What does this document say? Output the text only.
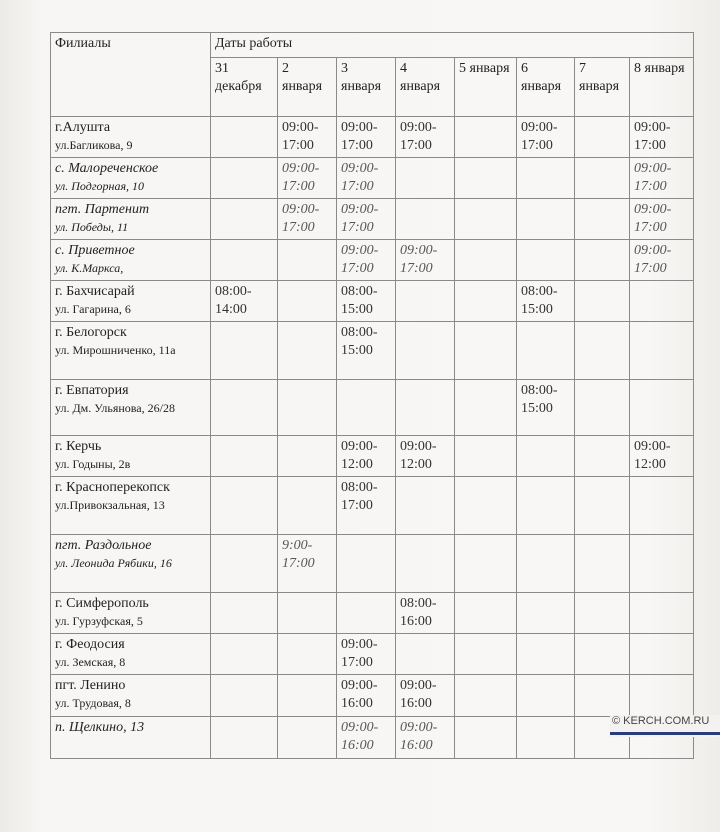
Филиалы	Даты работы							
	31 декабря	2 января	3 января	4 января	5 января	6 января	7 января	8 января

г.Алушта
ул.Багликова, 9		09:00-17:00	09:00-17:00	09:00-17:00		09:00-17:00		09:00-17:00

с. Малореченское
ул. Подгорная, 10		09:00-17:00	09:00-17:00					09:00-17:00

пгт. Партенит
ул. Победы, 11		09:00-17:00	09:00-17:00					09:00-17:00

с. Приветное
ул. К.Маркса,			09:00-17:00	09:00-17:00				09:00-17:00

г. Бахчисарай
ул. Гагарина, 6	08:00-14:00		08:00-15:00			08:00-15:00		

г. Белогорск
ул. Мирошниченко, 11а			08:00-15:00					

г. Евпатория
ул. Дм. Ульянова, 26/28						08:00-15:00		

г. Керчь
ул. Годыны, 2в			09:00-12:00	09:00-12:00				09:00-12:00

г. Красноперекопск
ул.Привокзальная, 13			08:00-17:00					

пгт. Раздольное
ул. Леонида Рябики, 16		9:00-17:00						

г. Симферополь
ул. Гурзуфская, 5				08:00-16:00				

г. Феодосия
ул. Земская, 8			09:00-17:00					

пгт. Ленино
ул. Трудовая, 8			09:00-16:00	09:00-16:00				

п. Щелкино, 13			09:00-16:00	09:00-16:00				
© KERCH.COM.RU
